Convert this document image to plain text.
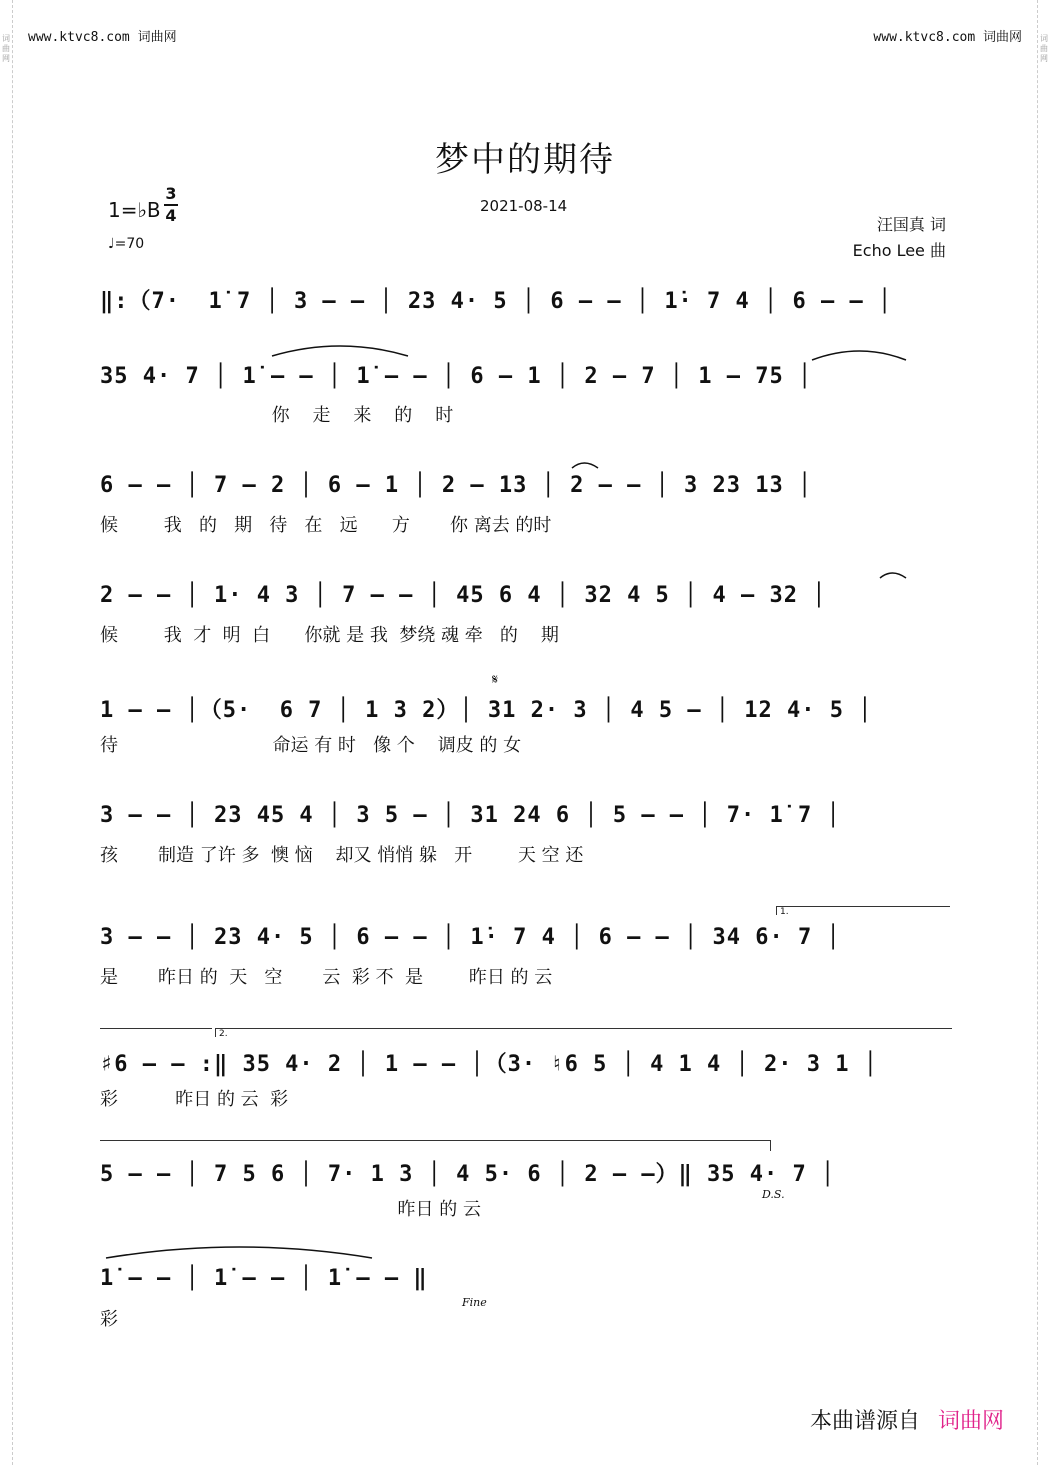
词曲网
词曲网
www.ktvc8.com 词曲网	www.ktvc8.com 词曲网
梦中的期待
1=♭B
3
4
♩=70
2021-08-14
汪国真 词
Echo Lee 曲
‖:（7·  1̇ 7 │ 3 – – │ 23 4· 5 │ 6 – – │ 1̇· 7 4 │ 6 – – │
35 4· 7 │ 1̇ – – │ 1̇ – – │ 6 – 1 │ 2 – 7 │ 1 – 75 │
你    走    来    的    时
6 – – │ 7 – 2 │ 6 – 1 │ 2 – 13 │ 2 – – │ 3 23 13 │
候        我   的   期   待   在   远      方       你 离去 的时
2 – – │ 1· 4 3 │ 7 – – │ 45 6 4 │ 32 4 5 │ 4 – 32 │
候        我  才  明  白      你就 是 我  梦绕 魂 牵   的    期
1 – – │（5·  6 7 │ 1 3 2）│ 31 2· 3 │ 4 5 – │ 12 4· 5 │
待                           命运 有 时   像 个    调皮 的 女
3 – – │ 23 45 4 │ 3 5 – │ 31 24 6 │ 5 – – │ 7· 1̇ 7 │
孩       制造 了许 多  懊 恼    却又 悄悄 躲   开        天 空 还
3 – – │ 23 4· 5 │ 6 – – │ 1̇· 7 4 │ 6 – – │ 34 6· 7 │
是       昨日 的  天   空       云  彩 不  是        昨日 的 云
♯6 – – :‖ 35 4· 2 │ 1 – – │（3· ♮6 5 │ 4 1 4 │ 2· 3 1 │
彩          昨日 的 云  彩
5 – – │ 7 5 6 │ 7· 1 3 │ 4 5· 6 │ 2 – –）‖ 35 4· 7 │
昨日 的 云
1̇ – – │ 1̇ – – │ 1̇ – – ‖
彩
𝄋
D.S.
Fine
1.
2.
本曲谱源自 词曲网
